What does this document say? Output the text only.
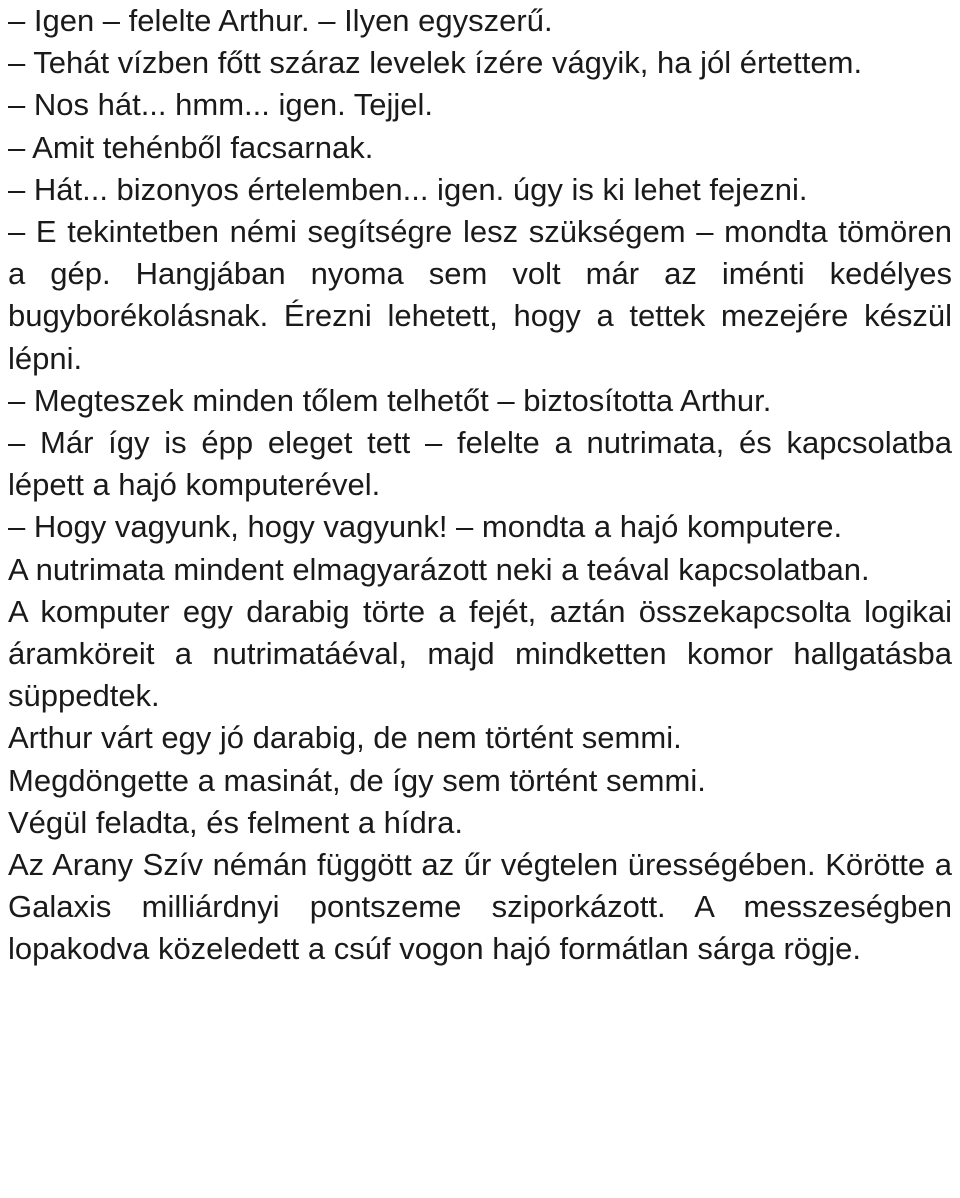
– Igen – felelte Arthur. – Ilyen egyszerű.

– Tehát vízben főtt száraz levelek ízére vágyik, ha jól értettem.

– Nos hát... hmm... igen. Tejjel.

– Amit tehénből facsarnak.

– Hát... bizonyos értelemben... igen. úgy is ki lehet fejezni.

– E tekintetben némi segítségre lesz szükségem – mondta tömören a gép. Hangjában nyoma sem volt már az iménti kedélyes bugyborékolásnak. Érezni lehetett, hogy a tettek mezejére készül lépni.

– Megteszek minden tőlem telhetőt – biztosította Arthur.

– Már így is épp eleget tett – felelte a nutrimata, és kapcsolatba lépett a hajó komputerével.

– Hogy vagyunk, hogy vagyunk! – mondta a hajó komputere.

A nutrimata mindent elmagyarázott neki a teával kapcsolatban.

A komputer egy darabig törte a fejét, aztán összekapcsolta logikai áramköreit a nutrimatáéval, majd mindketten komor hallgatásba süppedtek.

Arthur várt egy jó darabig, de nem történt semmi.

Megdöngette a masinát, de így sem történt semmi.

Végül feladta, és felment a hídra.

Az Arany Szív némán függött az űr végtelen ürességében. Körötte a Galaxis milliárdnyi pontszeme sziporkázott. A messzeségben lopakodva közeledett a csúf vogon hajó formátlan sárga rögje.
